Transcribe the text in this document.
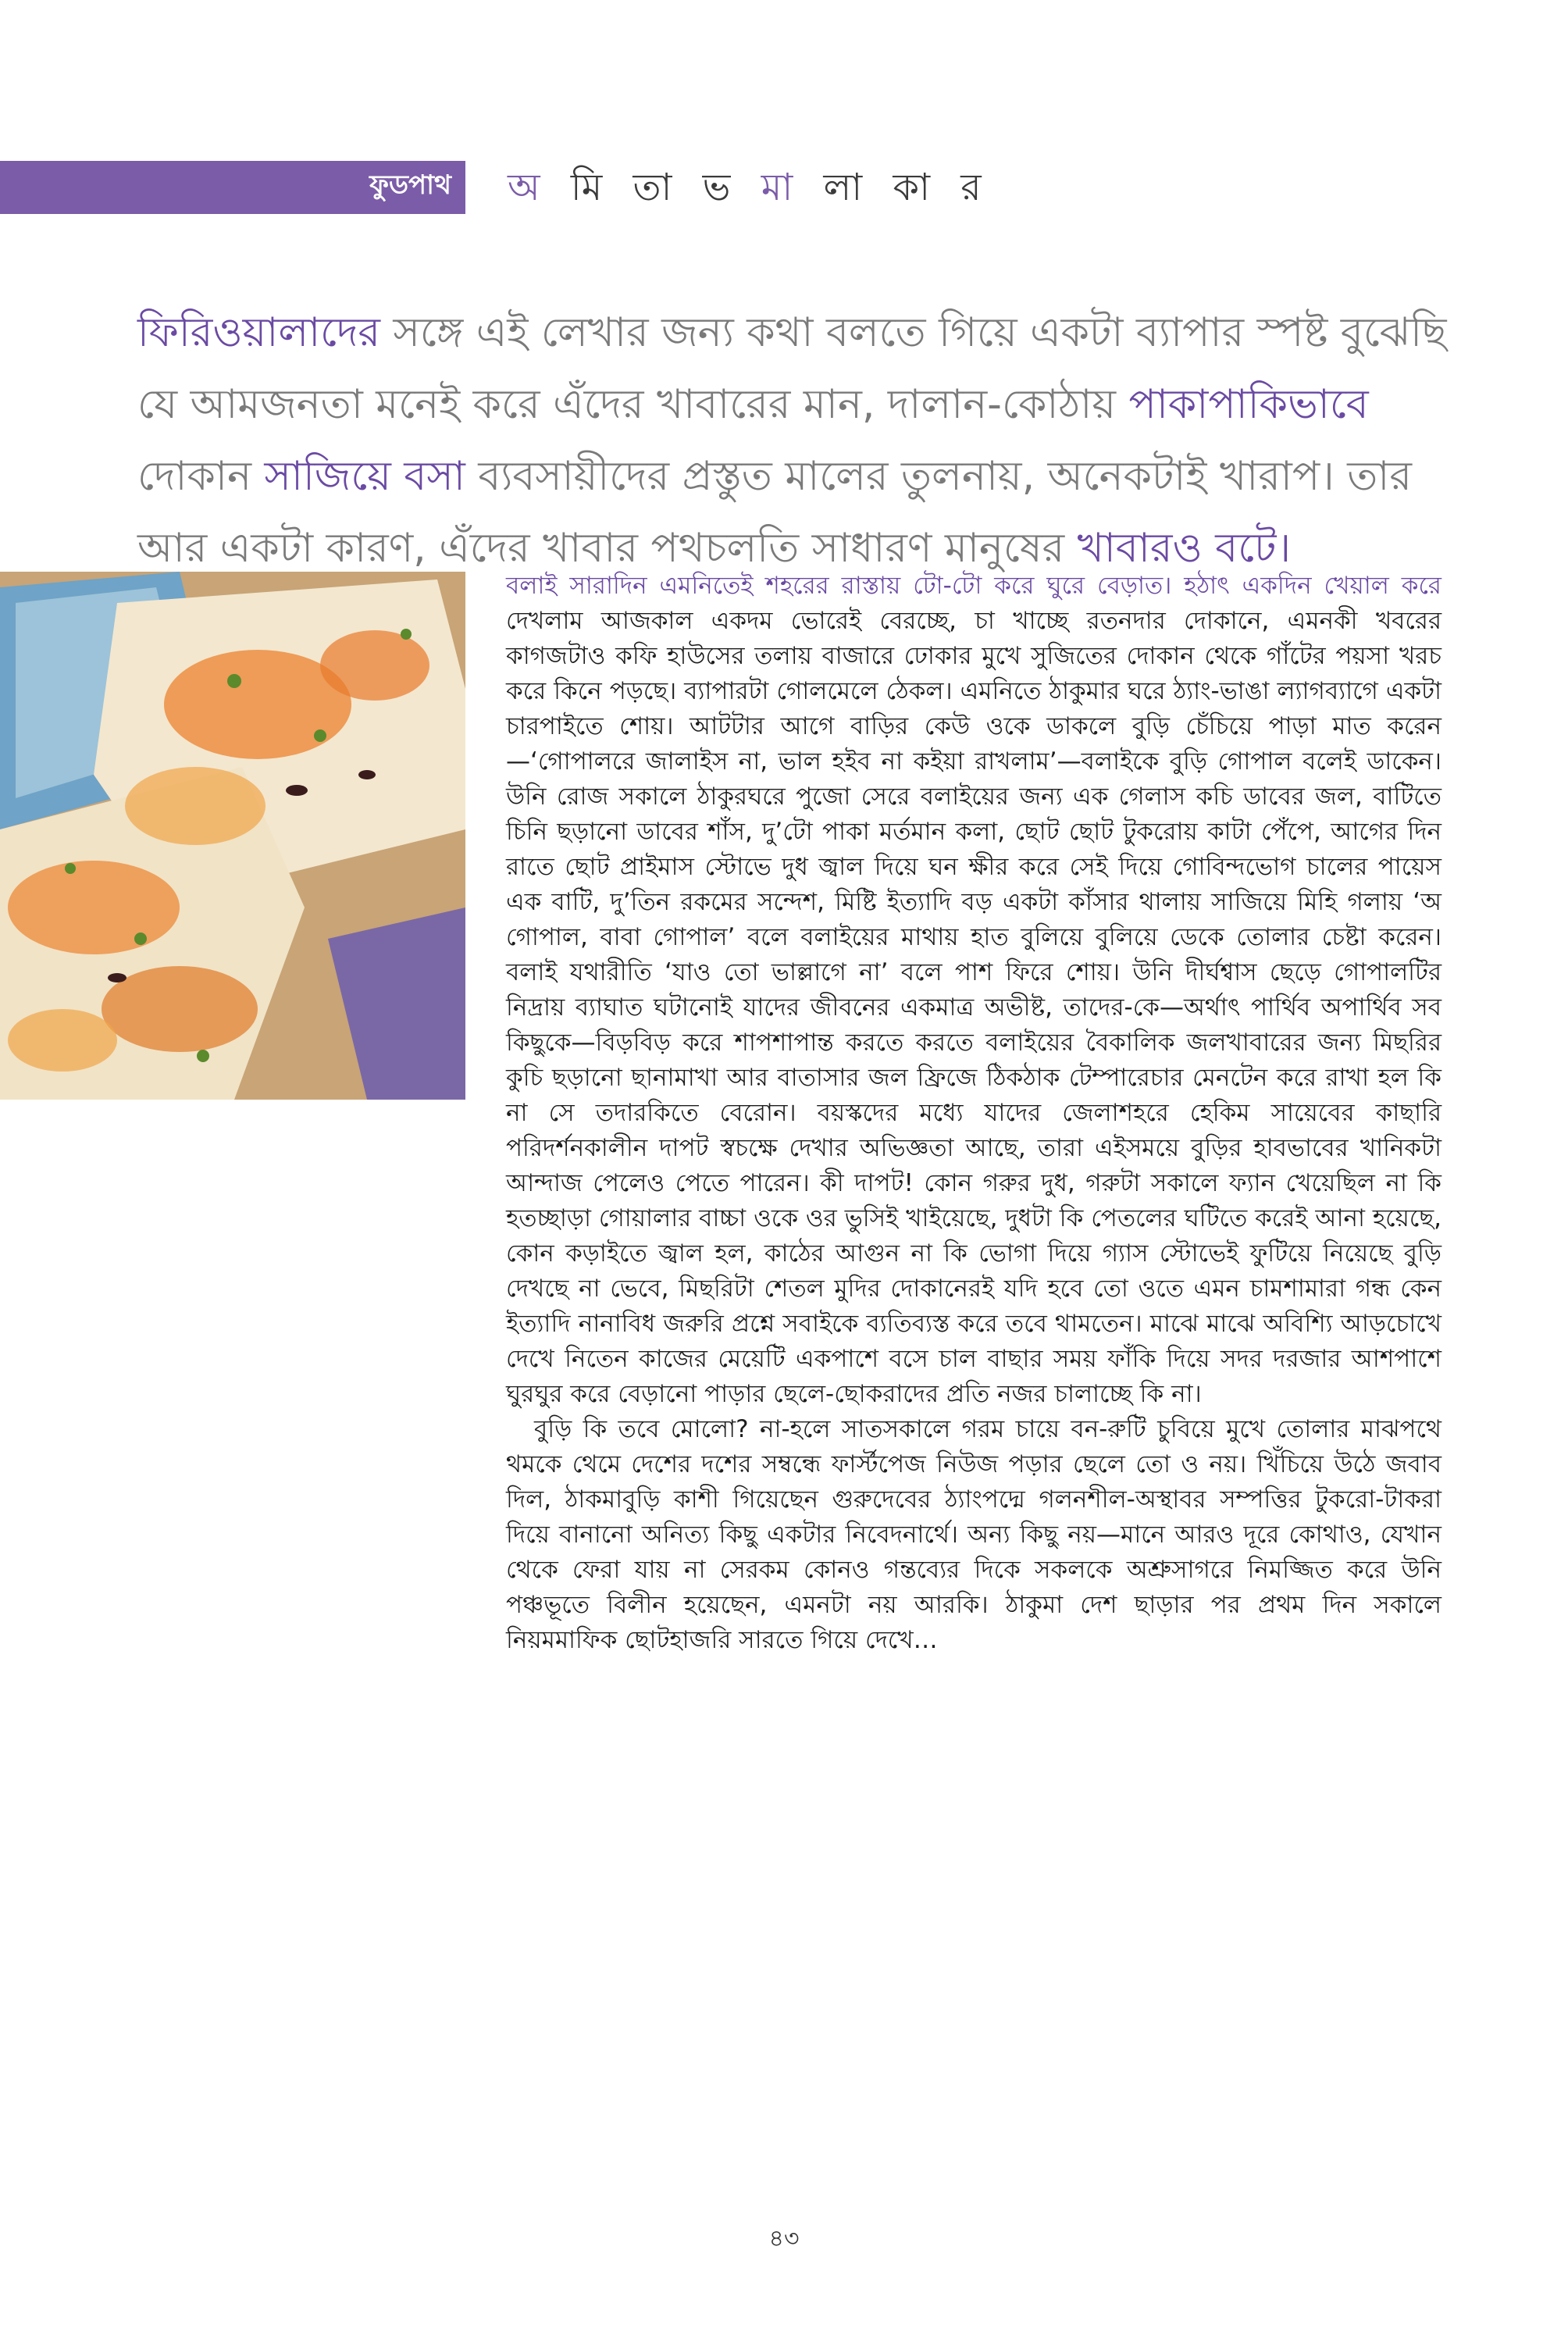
ফুডপাথ অ মি তা ভ মা লা কা র
ফিরিওয়ালাদের সঙ্গে এই লেখার জন্য কথা বলতে গিয়ে একটা ব্যাপার স্পষ্ট বুঝেছি যে আমজনতা মনেই করে এঁদের খাবারের মান, দালান-কোঠায় পাকাপাকিভাবে দোকান সাজিয়ে বসা ব্যবসায়ীদের প্রস্তুত মালের তুলনায়, অনেকটাই খারাপ। তার আর একটা কারণ, এঁদের খাবার পথচলতি সাধারণ মানুষের খাবারও বটে।

বলাই সারাদিন এমনিতেই শহরের রাস্তায় টো-টো করে ঘুরে বেড়াত। হঠাৎ একদিন খেয়াল করে দেখলাম আজকাল একদম ভোরেই বেরচ্ছে, চা খাচ্ছে রতনদার দোকানে, এমনকী খবরের কাগজটাও কফি হাউসের তলায় বাজারে ঢোকার মুখে সুজিতের দোকান থেকে গাঁটের পয়সা খরচ করে কিনে পড়ছে। ব্যাপারটা গোলমেলে ঠেকল। এমনিতে ঠাকুমার ঘরে ঠ্যাং-ভাঙা ল্যাগব্যাগে একটা চারপাইতে শোয়। আটটার আগে বাড়ির কেউ ওকে ডাকলে বুড়ি চেঁচিয়ে পাড়া মাত করেন—‘গোপালরে জালাইস না, ভাল হইব না কইয়া রাখলাম’—বলাইকে বুড়ি গোপাল বলেই ডাকেন। উনি রোজ সকালে ঠাকুরঘরে পুজো সেরে বলাইয়ের জন্য এক গেলাস কচি ডাবের জল, বাটিতে চিনি ছড়ানো ডাবের শাঁস, দু’টো পাকা মর্তমান কলা, ছোট ছোট টুকরোয় কাটা পেঁপে, আগের দিন রাতে ছোট প্রাইমাস স্টোভে দুধ জ্বাল দিয়ে ঘন ক্ষীর করে সেই দিয়ে গোবিন্দভোগ চালের পায়েস এক বাটি, দু’তিন রকমের সন্দেশ, মিষ্টি ইত্যাদি বড় একটা কাঁসার থালায় সাজিয়ে মিহি গলায় ‘অ গোপাল, বাবা গোপাল’ বলে বলাইয়ের মাথায় হাত বুলিয়ে বুলিয়ে ডেকে তোলার চেষ্টা করেন। বলাই যথারীতি ‘যাও তো ভাল্লাগে না’ বলে পাশ ফিরে শোয়। উনি দীর্ঘশ্বাস ছেড়ে গোপালটির নিদ্রায় ব্যাঘাত ঘটানোই যাদের জীবনের একমাত্র অভীষ্ট, তাদের-কে—অর্থাৎ পার্থিব অপার্থিব সব কিছুকে—বিড়বিড় করে শাপশাপান্ত করতে করতে বলাইয়ের বৈকালিক জলখাবারের জন্য মিছরির কুচি ছড়ানো ছানামাখা আর বাতাসার জল ফ্রিজে ঠিকঠাক টেম্পারেচার মেনটেন করে রাখা হল কি না সে তদারকিতে বেরোন। বয়স্কদের মধ্যে যাদের জেলাশহরে হেকিম সায়েবের কাছারি পরিদর্শনকালীন দাপট স্বচক্ষে দেখার অভিজ্ঞতা আছে, তারা এইসময়ে বুড়ির হাবভাবের খানিকটা আন্দাজ পেলেও পেতে পারেন। কী দাপট! কোন গরুর দুধ, গরুটা সকালে ফ্যান খেয়েছিল না কি হতচ্ছাড়া গোয়ালার বাচ্চা ওকে ওর ভুসিই খাইয়েছে, দুধটা কি পেতলের ঘটিতে করেই আনা হয়েছে, কোন কড়াইতে জ্বাল হল, কাঠের আগুন না কি ভোগা দিয়ে গ্যাস স্টোভেই ফুটিয়ে নিয়েছে বুড়ি দেখছে না ভেবে, মিছরিটা শেতল মুদির দোকানেরই যদি হবে তো ওতে এমন চামশামারা গন্ধ কেন ইত্যাদি নানাবিধ জরুরি প্রশ্নে সবাইকে ব্যতিব্যস্ত করে তবে থামতেন। মাঝে মাঝে অবিশ্যি আড়চোখে দেখে নিতেন কাজের মেয়েটি একপাশে বসে চাল বাছার সময় ফাঁকি দিয়ে সদর দরজার আশপাশে ঘুরঘুর করে বেড়ানো পাড়ার ছেলে-ছোকরাদের প্রতি নজর চালাচ্ছে কি না।

বুড়ি কি তবে মোলো? না-হলে সাতসকালে গরম চায়ে বন-রুটি চুবিয়ে মুখে তোলার মাঝপথে থমকে থেমে দেশের দশের সম্বন্ধে ফার্স্টপেজ নিউজ পড়ার ছেলে তো ও নয়। খিঁচিয়ে উঠে জবাব দিল, ঠাকমাবুড়ি কাশী গিয়েছেন গুরুদেবের ঠ্যাংপদ্মে গলনশীল-অস্থাবর সম্পত্তির টুকরো-টাকরা দিয়ে বানানো অনিত্য কিছু একটার নিবেদনার্থে। অন্য কিছু নয়—মানে আরও দূরে কোথাও, যেখান থেকে ফেরা যায় না সেরকম কোনও গন্তব্যের দিকে সকলকে অশ্রুসাগরে নিমজ্জিত করে উনি পঞ্চভূতে বিলীন হয়েছেন, এমনটা নয় আরকি। ঠাকুমা দেশ ছাড়ার পর প্রথম দিন সকালে নিয়মমাফিক ছোটহাজরি সারতে গিয়ে দেখে…

৪৩
